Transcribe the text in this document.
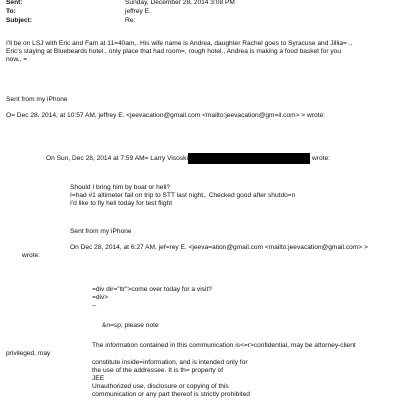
Sent:	Sunday, December 28, 2014 3:08 PM
To:	jeffrey E.
Subject:	Re:
I'll be on LSJ with Eric and Fam at 11=40am,. His wife name is Andrea, daughter Rachel goes to Syracuse and Jillia= .,
Eric's staying at Bluebeards hotel., only place that had room=, rough hotel., Andrea is making a food basket for you
now., =
Sent from my iPhone
O= Dec 28, 2014, at 10:57 AM, jeffrey E. <jeevacation@gmail.com <mailto:jeevacation@gm=il.com> > wrote:
On Sun, Dec 28, 2014 at 7:59 AM= Larry Visoski	wrote:
Should I bring him by boat or heli?
I=had #1 altimeter fail on trip to STT last night,. Checked good after shutdo=n
I'd like to fly heli today for test flight
Sent from my iPhone
On Dec 28, 2014, at 6:27 AM, jef=rey E. <jeeva=ation@gmail.com <mailto:jeevacation@gmail.com> >
wrote:
=div dir="ltr">come over today for a visit?
=div>
--
&n=sp; please note
The information contained in this communication is<=r>confidential, may be attorney-client
privileged, may
constitute inside=information, and is intended only for
the use of the addressee. It is th= property of
JEE
Unauthorized use, disclosure or copying of this
communication or any part thereof is strictly prohibited
